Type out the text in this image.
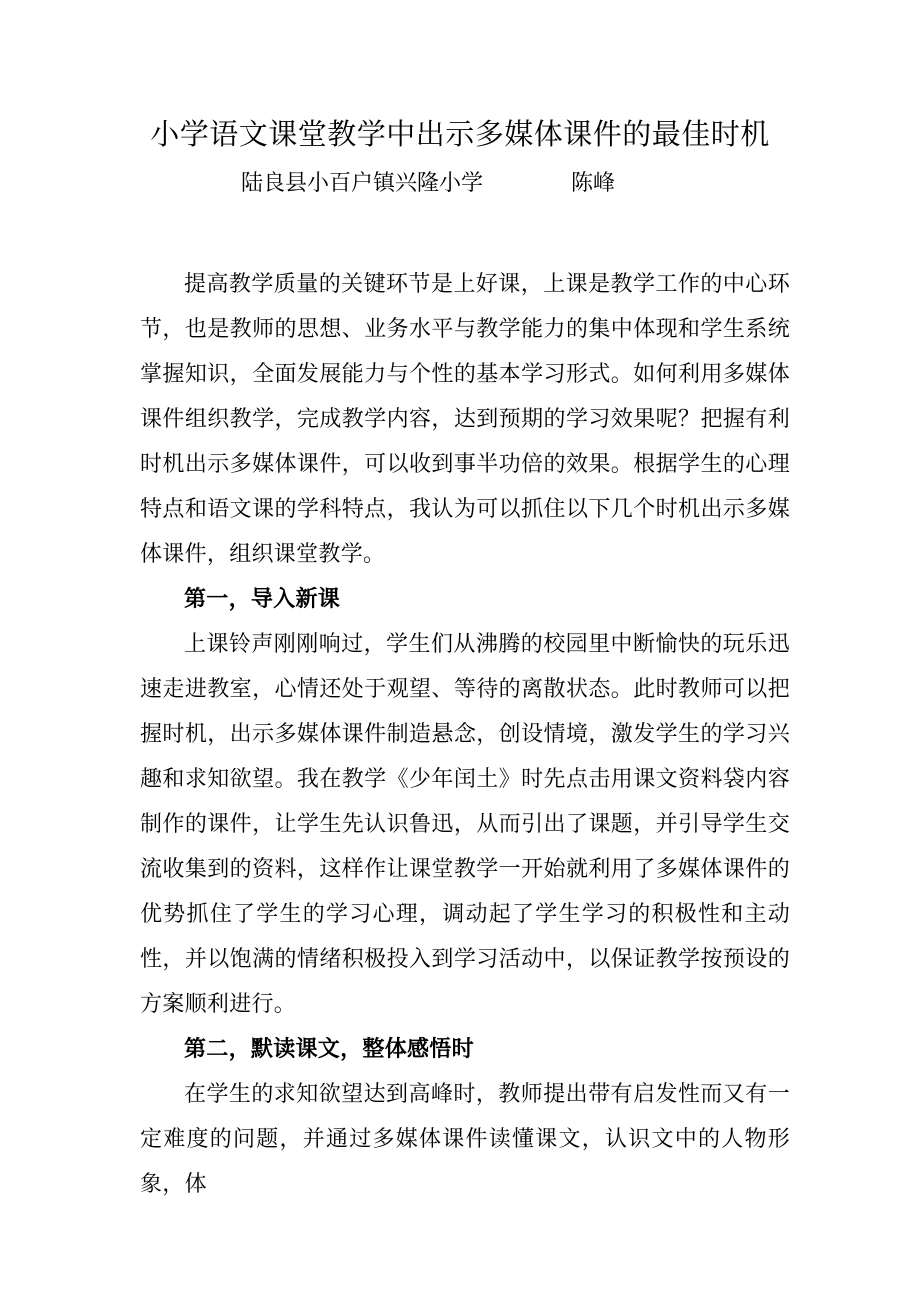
小学语文课堂教学中出示多媒体课件的最佳时机
陆良县小百户镇兴隆小学	陈峰

提高教学质量的关键环节是上好课，上课是教学工作的中心环节，也是教师的思想、业务水平与教学能力的集中体现和学生系统掌握知识，全面发展能力与个性的基本学习形式。如何利用多媒体课件组织教学，完成教学内容，达到预期的学习效果呢？把握有利时机出示多媒体课件，可以收到事半功倍的效果。根据学生的心理特点和语文课的学科特点，我认为可以抓住以下几个时机出示多媒体课件，组织课堂教学。

第一，导入新课

上课铃声刚刚响过，学生们从沸腾的校园里中断愉快的玩乐迅速走进教室，心情还处于观望、等待的离散状态。此时教师可以把握时机，出示多媒体课件制造悬念，创设情境，激发学生的学习兴趣和求知欲望。我在教学《少年闰土》时先点击用课文资料袋内容制作的课件，让学生先认识鲁迅，从而引出了课题，并引导学生交流收集到的资料，这样作让课堂教学一开始就利用了多媒体课件的优势抓住了学生的学习心理，调动起了学生学习的积极性和主动性，并以饱满的情绪积极投入到学习活动中，以保证教学按预设的方案顺利进行。

第二，默读课文，整体感悟时

在学生的求知欲望达到高峰时，教师提出带有启发性而又有一定难度的问题，并通过多媒体课件读懂课文，认识文中的人物形象，体
